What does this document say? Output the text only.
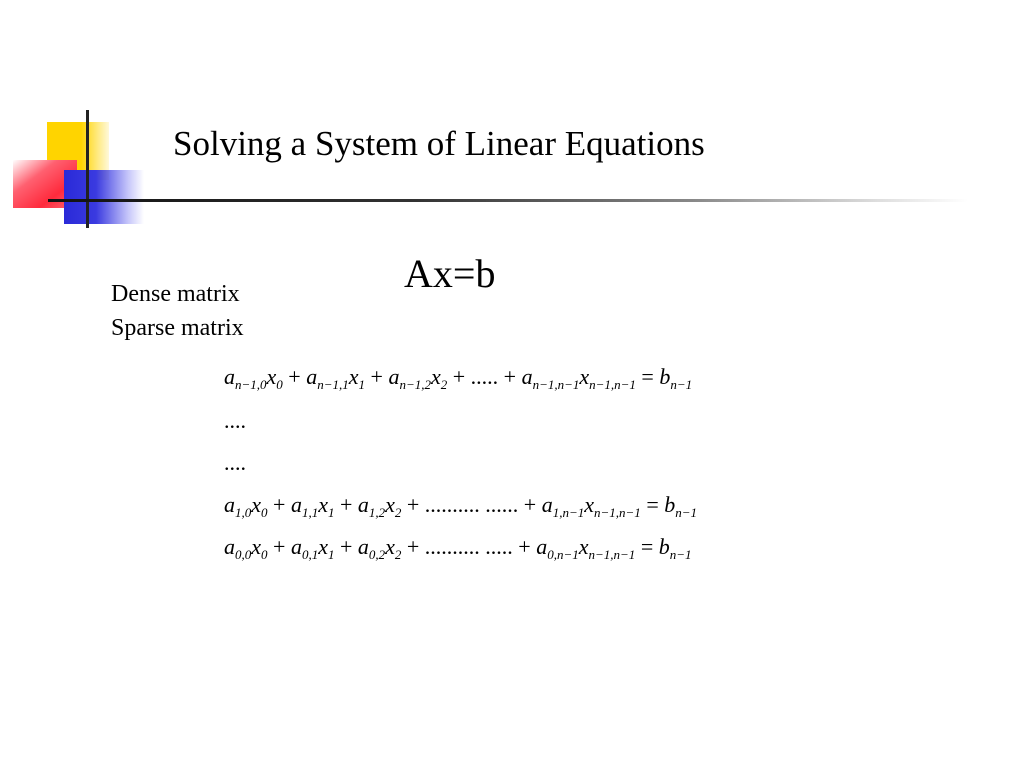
Solving a System of Linear Equations
Ax=b
Dense matrix
Sparse matrix
$a_{n-1,0}x_0 + a_{n-1,1}x_1 + a_{n-1,2}x_2$ + ..... + $a_{n-1,n-1}x_{n-1,n-1} = b_{n-1}$
....
....
$a_{1,0}x_0 + a_{1,1}x_1 + a_{1,2}x_2$ + .......... ...... + $a_{1,n-1}x_{n-1,n-1} = b_{n-1}$
$a_{0,0}x_0 + a_{0,1}x_1 + a_{0,2}x_2$ + .......... ..... + $a_{0,n-1}x_{n-1,n-1} = b_{n-1}$
